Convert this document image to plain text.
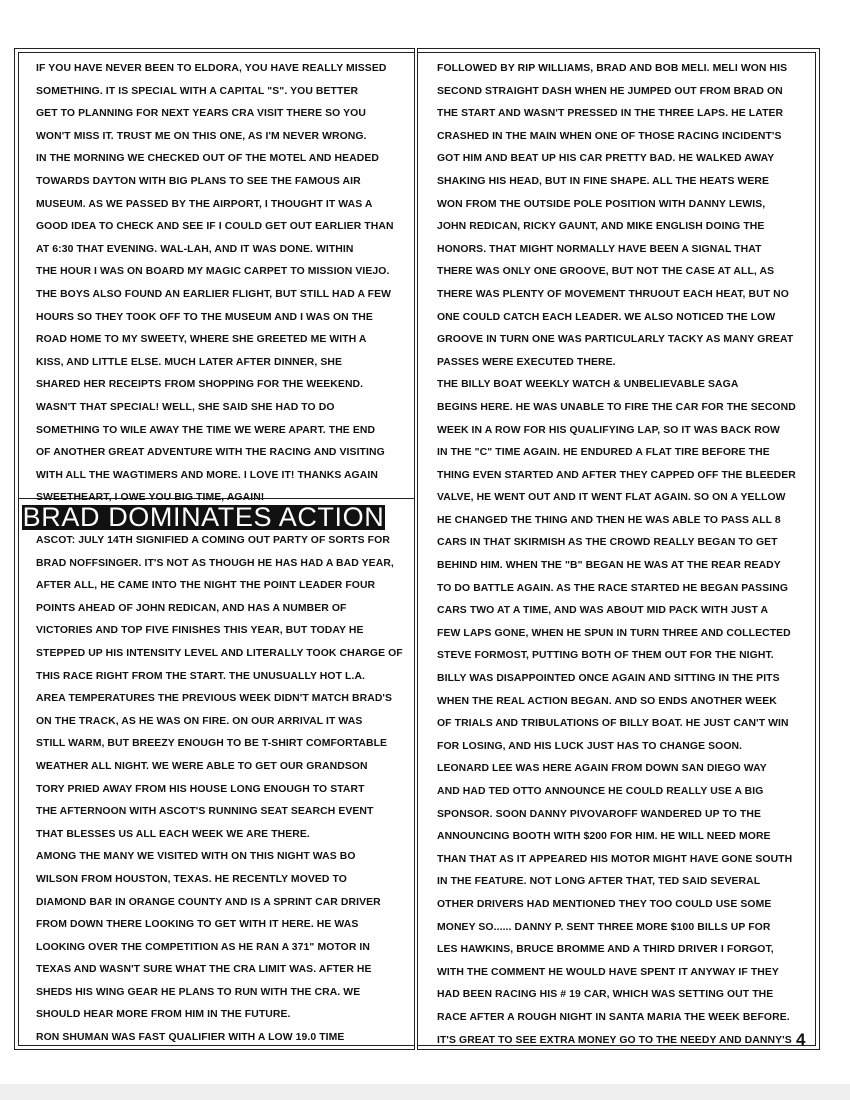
IF YOU HAVE NEVER BEEN TO ELDORA, YOU HAVE REALLY MISSED

SOMETHING. IT IS SPECIAL WITH A CAPITAL "S". YOU BETTER

GET TO PLANNING FOR NEXT YEARS CRA VISIT THERE SO YOU

WON'T MISS IT. TRUST ME ON THIS ONE, AS I'M NEVER WRONG.

IN THE MORNING WE CHECKED OUT OF THE MOTEL AND HEADED

TOWARDS DAYTON WITH BIG PLANS TO SEE THE FAMOUS AIR

MUSEUM. AS WE PASSED BY THE AIRPORT, I THOUGHT IT WAS A

GOOD IDEA TO CHECK AND SEE IF I COULD GET OUT EARLIER THAN

AT 6:30 THAT EVENING. WAL-LAH, AND IT WAS DONE. WITHIN

THE HOUR I WAS ON BOARD MY MAGIC CARPET TO MISSION VIEJO.

THE BOYS ALSO FOUND AN EARLIER FLIGHT, BUT STILL HAD A FEW

HOURS SO THEY TOOK OFF TO THE MUSEUM AND I WAS ON THE

ROAD HOME TO MY SWEETY, WHERE SHE GREETED ME WITH A

KISS, AND LITTLE ELSE. MUCH LATER AFTER DINNER, SHE

SHARED HER RECEIPTS FROM SHOPPING FOR THE WEEKEND.

WASN'T THAT SPECIAL! WELL, SHE SAID SHE HAD TO DO

SOMETHING TO WILE AWAY THE TIME WE WERE APART. THE END

OF ANOTHER GREAT ADVENTURE WITH THE RACING AND VISITING

WITH ALL THE WAGTIMERS AND MORE. I LOVE IT! THANKS AGAIN

SWEETHEART, I OWE YOU BIG TIME, AGAIN!

BRAD DOMINATES ACTION

ASCOT: JULY 14TH SIGNIFIED A COMING OUT PARTY OF SORTS FOR

BRAD NOFFSINGER. IT'S NOT AS THOUGH HE HAS HAD A BAD YEAR,

AFTER ALL, HE CAME INTO THE NIGHT THE POINT LEADER FOUR

POINTS AHEAD OF JOHN REDICAN, AND HAS A NUMBER OF

VICTORIES AND TOP FIVE FINISHES THIS YEAR, BUT TODAY HE

STEPPED UP HIS INTENSITY LEVEL AND LITERALLY TOOK CHARGE OF

THIS RACE RIGHT FROM THE START. THE UNUSUALLY HOT L.A.

AREA TEMPERATURES THE PREVIOUS WEEK DIDN'T MATCH BRAD'S

ON THE TRACK, AS HE WAS ON FIRE. ON OUR ARRIVAL IT WAS

STILL WARM, BUT BREEZY ENOUGH TO BE T-SHIRT COMFORTABLE

WEATHER ALL NIGHT. WE WERE ABLE TO GET OUR GRANDSON

TORY PRIED AWAY FROM HIS HOUSE LONG ENOUGH TO START

THE AFTERNOON WITH ASCOT'S RUNNING SEAT SEARCH EVENT

THAT BLESSES US ALL EACH WEEK WE ARE THERE.

AMONG THE MANY WE VISITED WITH ON THIS NIGHT WAS BO

WILSON FROM HOUSTON, TEXAS. HE RECENTLY MOVED TO

DIAMOND BAR IN ORANGE COUNTY AND IS A SPRINT CAR DRIVER

FROM DOWN THERE LOOKING TO GET WITH IT HERE. HE WAS

LOOKING OVER THE COMPETITION AS HE RAN A 371" MOTOR IN

TEXAS AND WASN'T SURE WHAT THE CRA LIMIT WAS. AFTER HE

SHEDS HIS WING GEAR HE PLANS TO RUN WITH THE CRA. WE

SHOULD HEAR MORE FROM HIM IN THE FUTURE.

RON SHUMAN WAS FAST QUALIFIER WITH A LOW 19.0 TIME

FOLLOWED BY RIP WILLIAMS, BRAD AND BOB MELI. MELI WON HIS

SECOND STRAIGHT DASH WHEN HE JUMPED OUT FROM BRAD ON

THE START AND WASN'T PRESSED IN THE THREE LAPS. HE LATER

CRASHED IN THE MAIN WHEN ONE OF THOSE RACING INCIDENT'S

GOT HIM AND BEAT UP HIS CAR PRETTY BAD. HE WALKED AWAY

SHAKING HIS HEAD, BUT IN FINE SHAPE. ALL THE HEATS WERE

WON FROM THE OUTSIDE POLE POSITION WITH DANNY LEWIS,

JOHN REDICAN, RICKY GAUNT, AND MIKE ENGLISH DOING THE

HONORS. THAT MIGHT NORMALLY HAVE BEEN A SIGNAL THAT

THERE WAS ONLY ONE GROOVE, BUT NOT THE CASE AT ALL, AS

THERE WAS PLENTY OF MOVEMENT THRUOUT EACH HEAT, BUT NO

ONE COULD CATCH EACH LEADER. WE ALSO NOTICED THE LOW

GROOVE IN TURN ONE WAS PARTICULARLY TACKY AS MANY GREAT

PASSES WERE EXECUTED THERE.

THE BILLY BOAT WEEKLY WATCH & UNBELIEVABLE SAGA

BEGINS HERE. HE WAS UNABLE TO FIRE THE CAR FOR THE SECOND

WEEK IN A ROW FOR HIS QUALIFYING LAP, SO IT WAS BACK ROW

IN THE "C" TIME AGAIN. HE ENDURED A FLAT TIRE BEFORE THE

THING EVEN STARTED AND AFTER THEY CAPPED OFF THE BLEEDER

VALVE, HE WENT OUT AND IT WENT FLAT AGAIN. SO ON A YELLOW

HE CHANGED THE THING AND THEN HE WAS ABLE TO PASS ALL 8

CARS IN THAT SKIRMISH AS THE CROWD REALLY BEGAN TO GET

BEHIND HIM. WHEN THE "B" BEGAN HE WAS AT THE REAR READY

TO DO BATTLE AGAIN. AS THE RACE STARTED HE BEGAN PASSING

CARS TWO AT A TIME, AND WAS ABOUT MID PACK WITH JUST A

FEW LAPS GONE, WHEN HE SPUN IN TURN THREE AND COLLECTED

STEVE FORMOST, PUTTING BOTH OF THEM OUT FOR THE NIGHT.

BILLY WAS DISAPPOINTED ONCE AGAIN AND SITTING IN THE PITS

WHEN THE REAL ACTION BEGAN. AND SO ENDS ANOTHER WEEK

OF TRIALS AND TRIBULATIONS OF BILLY BOAT. HE JUST CAN'T WIN

FOR LOSING, AND HIS LUCK JUST HAS TO CHANGE SOON.

LEONARD LEE WAS HERE AGAIN FROM DOWN SAN DIEGO WAY

AND HAD TED OTTO ANNOUNCE HE COULD REALLY USE A BIG

SPONSOR. SOON DANNY PIVOVAROFF WANDERED UP TO THE

ANNOUNCING BOOTH WITH $200 FOR HIM. HE WILL NEED MORE

THAN THAT AS IT APPEARED HIS MOTOR MIGHT HAVE GONE SOUTH

IN THE FEATURE. NOT LONG AFTER THAT, TED SAID SEVERAL

OTHER DRIVERS HAD MENTIONED THEY TOO COULD USE SOME

MONEY SO...... DANNY P. SENT THREE MORE $100 BILLS UP FOR

LES HAWKINS, BRUCE BROMME AND A THIRD DRIVER I FORGOT,

WITH THE COMMENT HE WOULD HAVE SPENT IT ANYWAY IF THEY

HAD BEEN RACING HIS # 19 CAR, WHICH WAS SETTING OUT THE

RACE AFTER A ROUGH NIGHT IN SANTA MARIA THE WEEK BEFORE.

IT'S GREAT TO SEE EXTRA MONEY GO TO THE NEEDY AND DANNY'S 4
